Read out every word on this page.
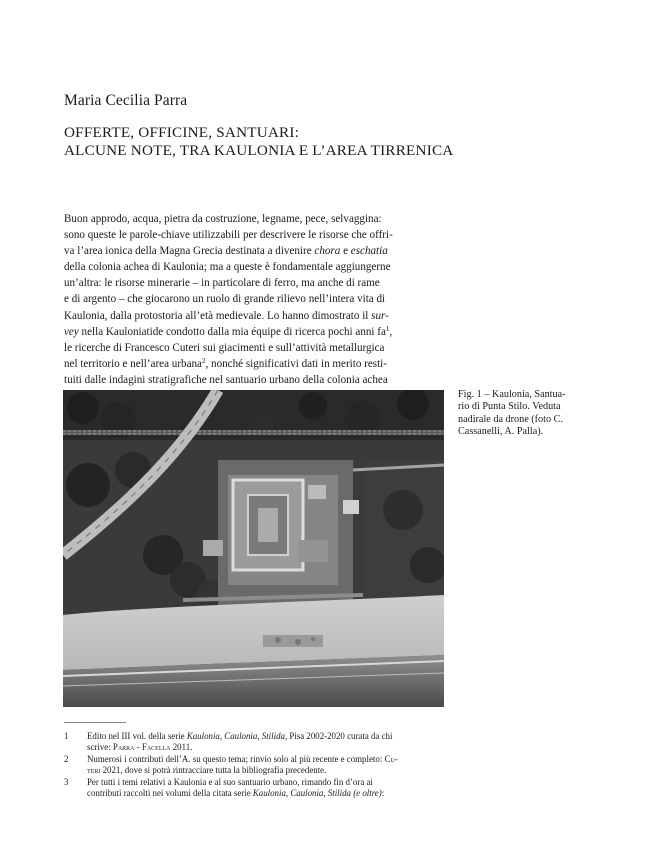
Maria Cecilia Parra
OFFERTE, OFFICINE, SANTUARI:
ALCUNE NOTE, TRA KAULONIA E L’AREA TIRRENICA
Buon approdo, acqua, pietra da costruzione, legname, pece, selvaggina:
sono queste le parole-chiave utilizzabili per descrivere le risorse che offri-
va l’area ionica della Magna Grecia destinata a divenire chora e eschatia
della colonia achea di Kaulonia; ma a queste è fondamentale aggiungerne
un’altra: le risorse minerarie – in particolare di ferro, ma anche di rame
e di argento – che giocarono un ruolo di grande rilievo nell’intera vita di
Kaulonia, dalla protostoria all’età medievale. Lo hanno dimostrato il sur-
vey nella Kauloniatide condotto dalla mia équipe di ricerca pochi anni $fa^1$,
le ricerche di Francesco Cuteri sui giacimenti e sull’attività metallurgica
nel territorio e nell’area urbana$^2$, nonché significativi dati in merito resti-
tuiti dalle indagini stratigrafiche nel santuario urbano della colonia achea
Fig. 1 – Kaulonia, Santua-
rio di Punta Stilo. Veduta
nadirale da drone (foto C.
Cassanelli, A. Palla).
1 Edito nel III vol. della serie Kaulonia, Caulonia, Stilida, Pisa 2002-2020 curata da chi
scrive: Parra - Facella 2011.
2 Numerosi i contributi dell’A. su questo tema; rinvio solo al più recente e completo: Cu-
teri 2021, dove si potrà rintracciare tutta la bibliografia precedente.
3 Per tutti i temi relativi a Kaulonia e al suo santuario urbano, rimando fin d’ora ai
contributi raccolti nei volumi della citata serie Kaulonia, Caulonia, Stilida (e oltre):
